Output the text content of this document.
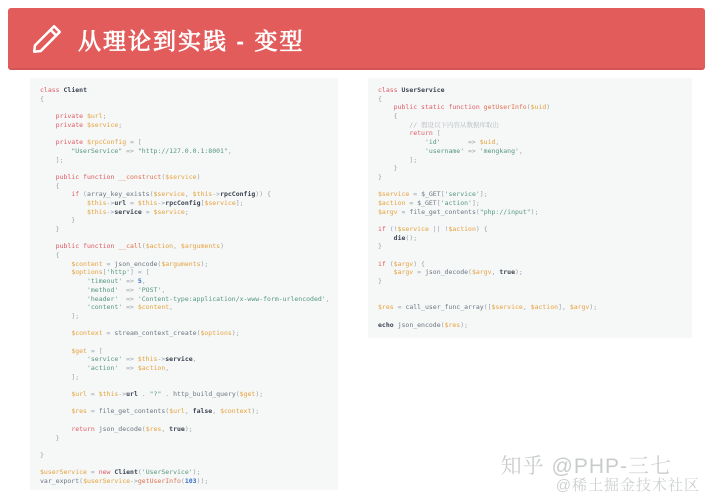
从理论到实践 - 变型
class Client
{

private $url;
private $service;

private $rpcConfig = [
"UserService" => "http://127.0.0.1:8001",
];

public function __construct($service)
{
if (array_key_exists($service, $this->rpcConfig)) {
$this->url = $this->rpcConfig[$service];
$this->service = $service;
}
}

public function __call($action, $arguments)
{
$content = json_encode($arguments);
$options['http'] = [
'timeout' => 5,
'method'  => 'POST',
'header'  => 'Content-type:application/x-www-form-urlencoded',
'content' => $content,
];

$context = stream_context_create($options);

$get = [
'service' => $this->service,
'action'  => $action,
];

$url = $this->url . "?" . http_build_query($get);

$res = file_get_contents($url, false, $context);

return json_decode($res, true);
}

}

$userService = new Client('UserService');
var_export($userService->getUserInfo(103));
class UserService
{
public static function getUserInfo($uid)
{
// 假设以下内容从数据库取出
return [
'id'       => $uid,
'username' => 'mengkang',
];
}
}

$service = $_GET['service'];
$action = $_GET['action'];
$argv = file_get_contents("php://input");

if (!$service || !$action) {
die();
}

if ($argv) {
$argv = json_decode($argv, true);
}

$res = call_user_func_array([$service, $action], $argv);

echo json_encode($res);
知乎 @PHP-三七
@稀土掘金技术社区
